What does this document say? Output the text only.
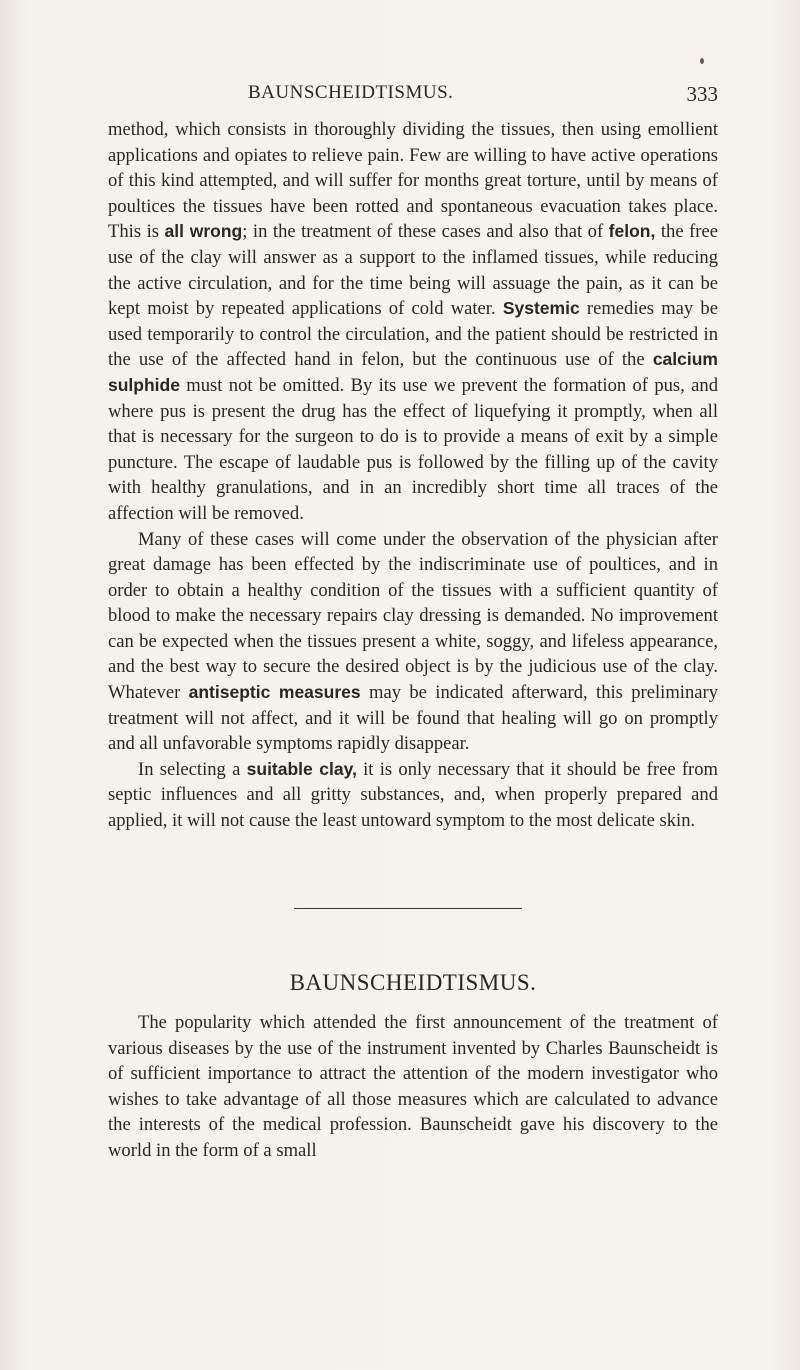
BAUNSCHEIDTISMUS.	333

method, which consists in thoroughly dividing the tissues, then using emollient applications and opiates to relieve pain. Few are willing to have active operations of this kind attempted, and will suffer for months great torture, until by means of poultices the tissues have been rotted and spontaneous evacuation takes place. This is all wrong; in the treatment of these cases and also that of felon, the free use of the clay will answer as a support to the inflamed tissues, while reducing the active circulation, and for the time being will assuage the pain, as it can be kept moist by repeated applications of cold water. Systemic remedies may be used temporarily to control the circulation, and the patient should be restricted in the use of the affected hand in felon, but the continuous use of the calcium sulphide must not be omitted. By its use we prevent the formation of pus, and where pus is present the drug has the effect of liquefying it promptly, when all that is necessary for the surgeon to do is to provide a means of exit by a simple puncture. The escape of laudable pus is followed by the filling up of the cavity with healthy granulations, and in an incredibly short time all traces of the affection will be removed.

Many of these cases will come under the observation of the physician after great damage has been effected by the indiscriminate use of poultices, and in order to obtain a healthy condition of the tissues with a sufficient quantity of blood to make the necessary repairs clay dressing is demanded. No improvement can be expected when the tissues present a white, soggy, and lifeless appearance, and the best way to secure the desired object is by the judicious use of the clay. Whatever antiseptic measures may be indicated afterward, this preliminary treatment will not affect, and it will be found that healing will go on promptly and all unfavorable symptoms rapidly disappear.

In selecting a suitable clay, it is only necessary that it should be free from septic influences and all gritty substances, and, when properly prepared and applied, it will not cause the least untoward symptom to the most delicate skin.

BAUNSCHEIDTISMUS.

The popularity which attended the first announcement of the treatment of various diseases by the use of the instrument invented by Charles Baunscheidt is of sufficient importance to attract the attention of the modern investigator who wishes to take advantage of all those measures which are calculated to advance the interests of the medical profession. Baunscheidt gave his discovery to the world in the form of a small
